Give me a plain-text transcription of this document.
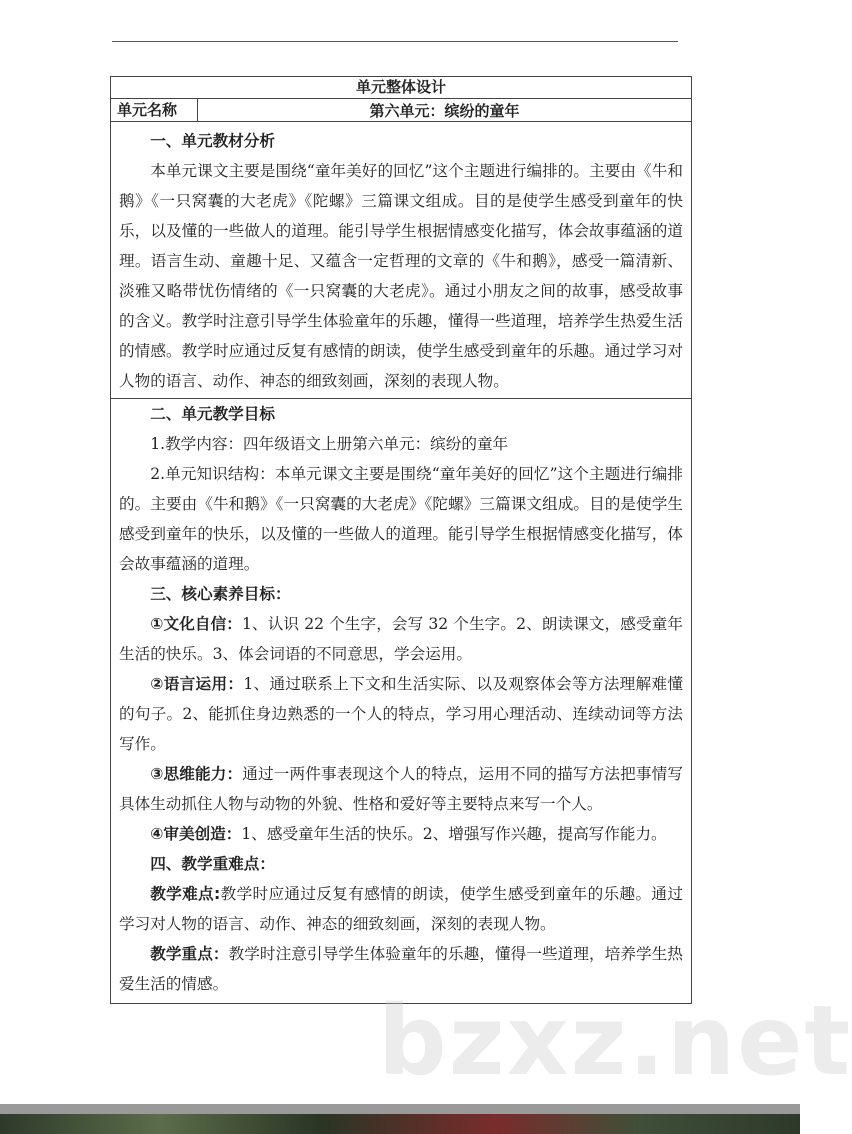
单元整体设计
单元名称	第六单元：缤纷的童年

一、单元教材分析

本单元课文主要是围绕“童年美好的回忆”这个主题进行编排的。主要由《牛和鹅》《一只窝囊的大老虎》《陀螺》三篇课文组成。目的是使学生感受到童年的快乐，以及懂的一些做人的道理。能引导学生根据情感变化描写，体会故事蕴涵的道理。语言生动、童趣十足、又蕴含一定哲理的文章的《牛和鹅》，感受一篇清新、淡雅又略带忧伤情绪的《一只窝囊的大老虎》。通过小朋友之间的故事，感受故事的含义。教学时注意引导学生体验童年的乐趣，懂得一些道理，培养学生热爱生活的情感。教学时应通过反复有感情的朗读，使学生感受到童年的乐趣。通过学习对人物的语言、动作、神态的细致刻画，深刻的表现人物。

二、单元教学目标

1.教学内容：四年级语文上册第六单元：缤纷的童年

2.单元知识结构：本单元课文主要是围绕“童年美好的回忆”这个主题进行编排的。主要由《牛和鹅》《一只窝囊的大老虎》《陀螺》三篇课文组成。目的是使学生感受到童年的快乐，以及懂的一些做人的道理。能引导学生根据情感变化描写，体会故事蕴涵的道理。

三、核心素养目标：

①文化自信：1、认识 22 个生字，会写 32 个生字。2、朗读课文，感受童年生活的快乐。3、体会词语的不同意思，学会运用。

②语言运用：1、通过联系上下文和生活实际、以及观察体会等方法理解难懂的句子。2、能抓住身边熟悉的一个人的特点，学习用心理活动、连续动词等方法写作。

③思维能力：通过一两件事表现这个人的特点，运用不同的描写方法把事情写具体生动抓住人物与动物的外貌、性格和爱好等主要特点来写一个人。

④审美创造：1、感受童年生活的快乐。2、增强写作兴趣，提高写作能力。

四、教学重难点：

教学难点:教学时应通过反复有感情的朗读，使学生感受到童年的乐趣。通过学习对人物的语言、动作、神态的细致刻画，深刻的表现人物。

教学重点：教学时注意引导学生体验童年的乐趣，懂得一些道理，培养学生热爱生活的情感。

bzxz.net
